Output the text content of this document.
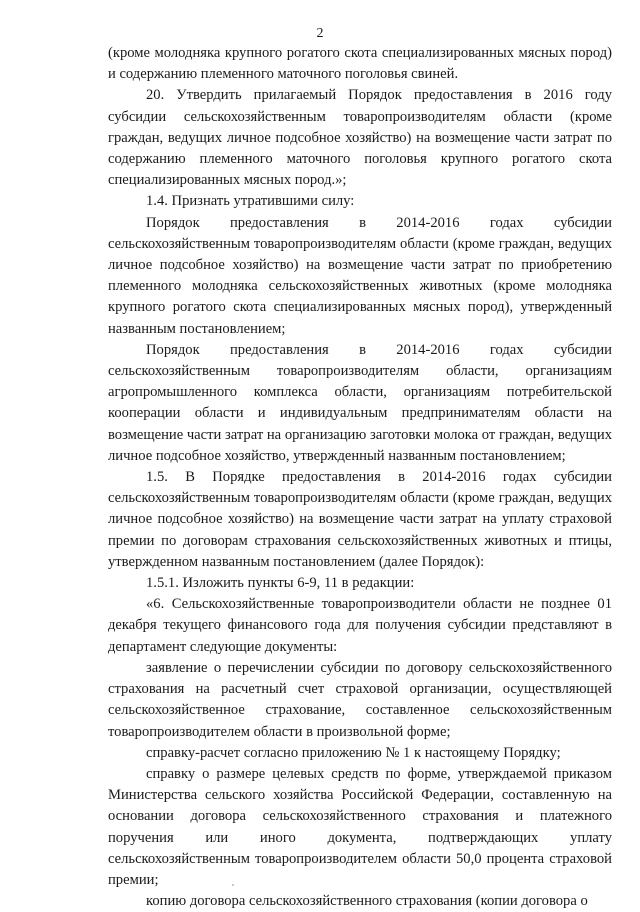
2

(кроме молодняка крупного рогатого скота специализированных мясных пород) и содержанию племенного маточного поголовья свиней.

20. Утвердить прилагаемый Порядок предоставления в 2016 году субсидии сельскохозяйственным товаропроизводителям области (кроме граждан, ведущих личное подсобное хозяйство) на возмещение части затрат по содержанию племенного маточного поголовья крупного рогатого скота специализированных мясных пород.»;

1.4. Признать утратившими силу:

Порядок предоставления в 2014-2016 годах субсидии сельскохозяйственным товаропроизводителям области (кроме граждан, ведущих личное подсобное хозяйство) на возмещение части затрат по приобретению племенного молодняка сельскохозяйственных животных (кроме молодняка крупного рогатого скота специализированных мясных пород), утвержденный названным постановлением;

Порядок предоставления в 2014-2016 годах субсидии сельскохозяйственным товаропроизводителям области, организациям агропромышленного комплекса области, организациям потребительской кооперации области и индивидуальным предпринимателям области на возмещение части затрат на организацию заготовки молока от граждан, ведущих личное подсобное хозяйство, утвержденный названным постановлением;

1.5. В Порядке предоставления в 2014-2016 годах субсидии сельскохозяйственным товаропроизводителям области (кроме граждан, ведущих личное подсобное хозяйство) на возмещение части затрат на уплату страховой премии по договорам страхования сельскохозяйственных животных и птицы, утвержденном названным постановлением (далее Порядок):

1.5.1. Изложить пункты 6-9, 11 в редакции:

«6. Сельскохозяйственные товаропроизводители области не позднее 01 декабря текущего финансового года для получения субсидии представляют в департамент следующие документы:

заявление о перечислении субсидии по договору сельскохозяйственного страхования на расчетный счет страховой организации, осуществляющей сельскохозяйственное страхование, составленное сельскохозяйственным товаропроизводителем области в произвольной форме;

справку-расчет согласно приложению № 1 к настоящему Порядку;

справку о размере целевых средств по форме, утверждаемой приказом Министерства сельского хозяйства Российской Федерации, составленную на основании договора сельскохозяйственного страхования и платежного поручения или иного документа, подтверждающих уплату сельскохозяйственным товаропроизводителем области 50,0 процента страховой премии;

копию договора сельскохозяйственного страхования (копии договора о
